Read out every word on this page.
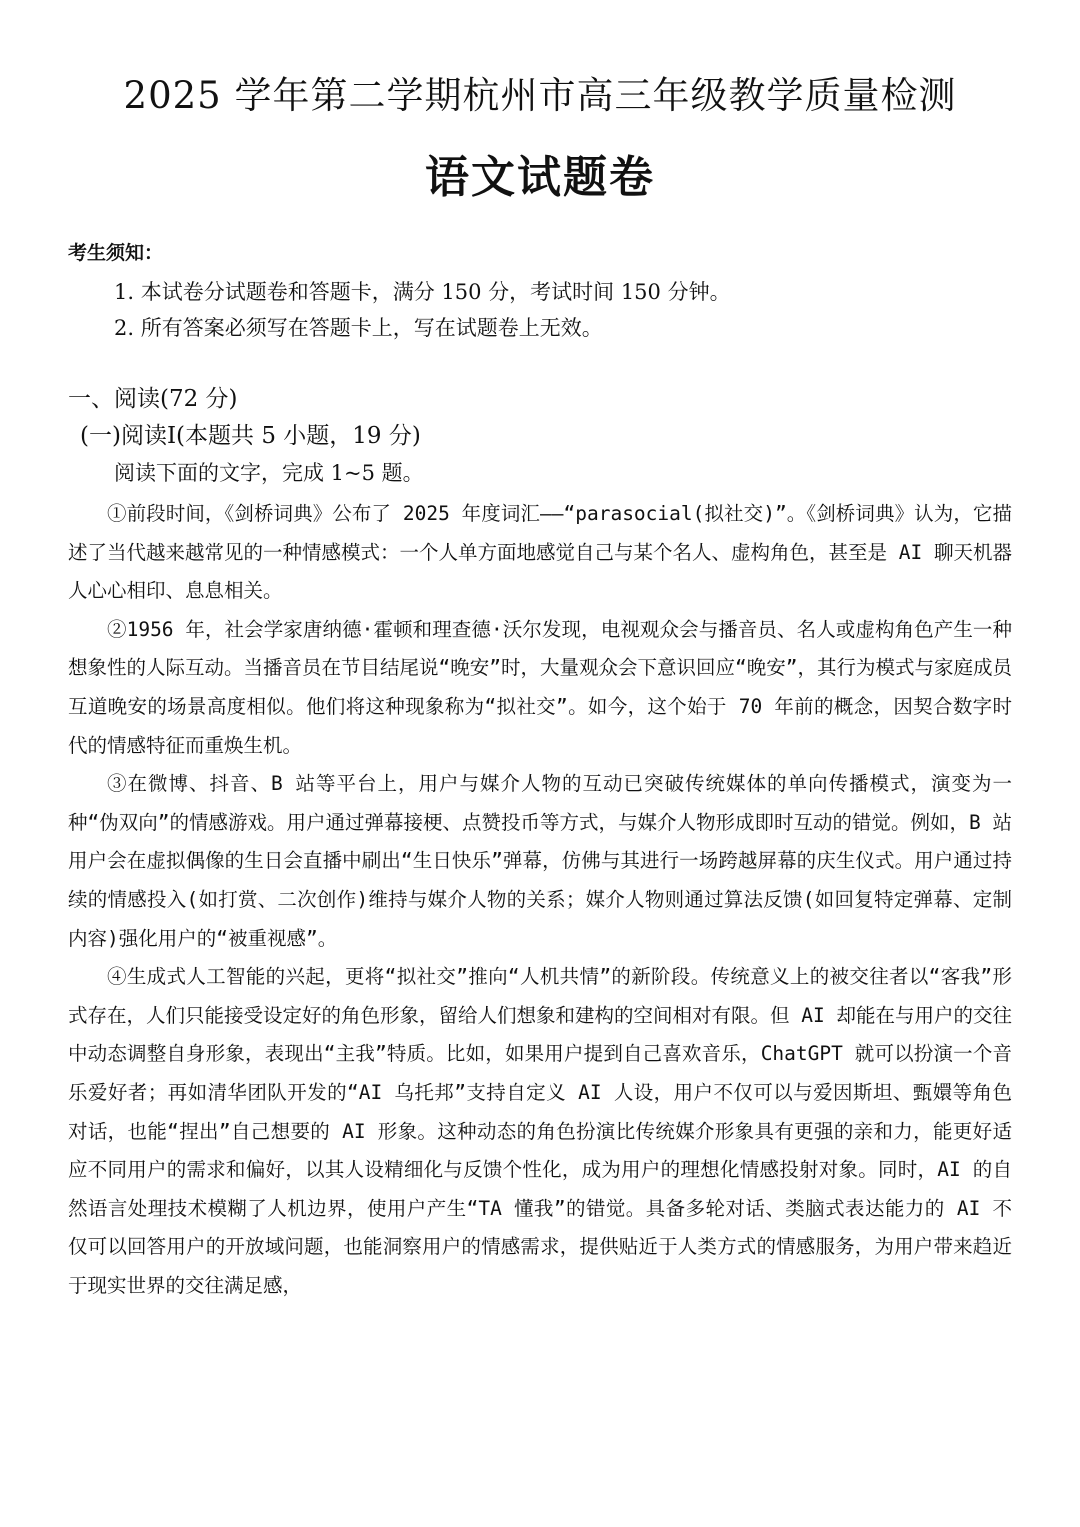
2025 学年第二学期杭州市高三年级教学质量检测
语文试题卷
考生须知：
1. 本试卷分试题卷和答题卡，满分 150 分，考试时间 150 分钟。
2. 所有答案必须写在答题卡上，写在试题卷上无效。
一、阅读(72 分)
(一)阅读Ⅰ(本题共 5 小题，19 分)
阅读下面的文字，完成 1~5 题。

①前段时间，《剑桥词典》公布了 2025 年度词汇——“parasocial(拟社交)”。《剑桥词典》认为，它描述了当代越来越常见的一种情感模式：一个人单方面地感觉自己与某个名人、虚构角色，甚至是 AI 聊天机器人心心相印、息息相关。

②1956 年，社会学家唐纳德·霍顿和理查德·沃尔发现，电视观众会与播音员、名人或虚构角色产生一种想象性的人际互动。当播音员在节目结尾说“晚安”时，大量观众会下意识回应“晚安”，其行为模式与家庭成员互道晚安的场景高度相似。他们将这种现象称为“拟社交”。如今，这个始于 70 年前的概念，因契合数字时代的情感特征而重焕生机。

③在微博、抖音、B 站等平台上，用户与媒介人物的互动已突破传统媒体的单向传播模式，演变为一种“伪双向”的情感游戏。用户通过弹幕接梗、点赞投币等方式，与媒介人物形成即时互动的错觉。例如，B 站用户会在虚拟偶像的生日会直播中刷出“生日快乐”弹幕，仿佛与其进行一场跨越屏幕的庆生仪式。用户通过持续的情感投入(如打赏、二次创作)维持与媒介人物的关系；媒介人物则通过算法反馈(如回复特定弹幕、定制内容)强化用户的“被重视感”。

④生成式人工智能的兴起，更将“拟社交”推向“人机共情”的新阶段。传统意义上的被交往者以“客我”形式存在，人们只能接受设定好的角色形象，留给人们想象和建构的空间相对有限。但 AI 却能在与用户的交往中动态调整自身形象，表现出“主我”特质。比如，如果用户提到自己喜欢音乐，ChatGPT 就可以扮演一个音乐爱好者；再如清华团队开发的“AI 乌托邦”支持自定义 AI 人设，用户不仅可以与爱因斯坦、甄嬛等角色对话，也能“捏出”自己想要的 AI 形象。这种动态的角色扮演比传统媒介形象具有更强的亲和力，能更好适应不同用户的需求和偏好，以其人设精细化与反馈个性化，成为用户的理想化情感投射对象。同时，AI 的自然语言处理技术模糊了人机边界，使用户产生“TA 懂我”的错觉。具备多轮对话、类脑式表达能力的 AI 不仅可以回答用户的开放域问题，也能洞察用户的情感需求，提供贴近于人类方式的情感服务，为用户带来趋近于现实世界的交往满足感，
